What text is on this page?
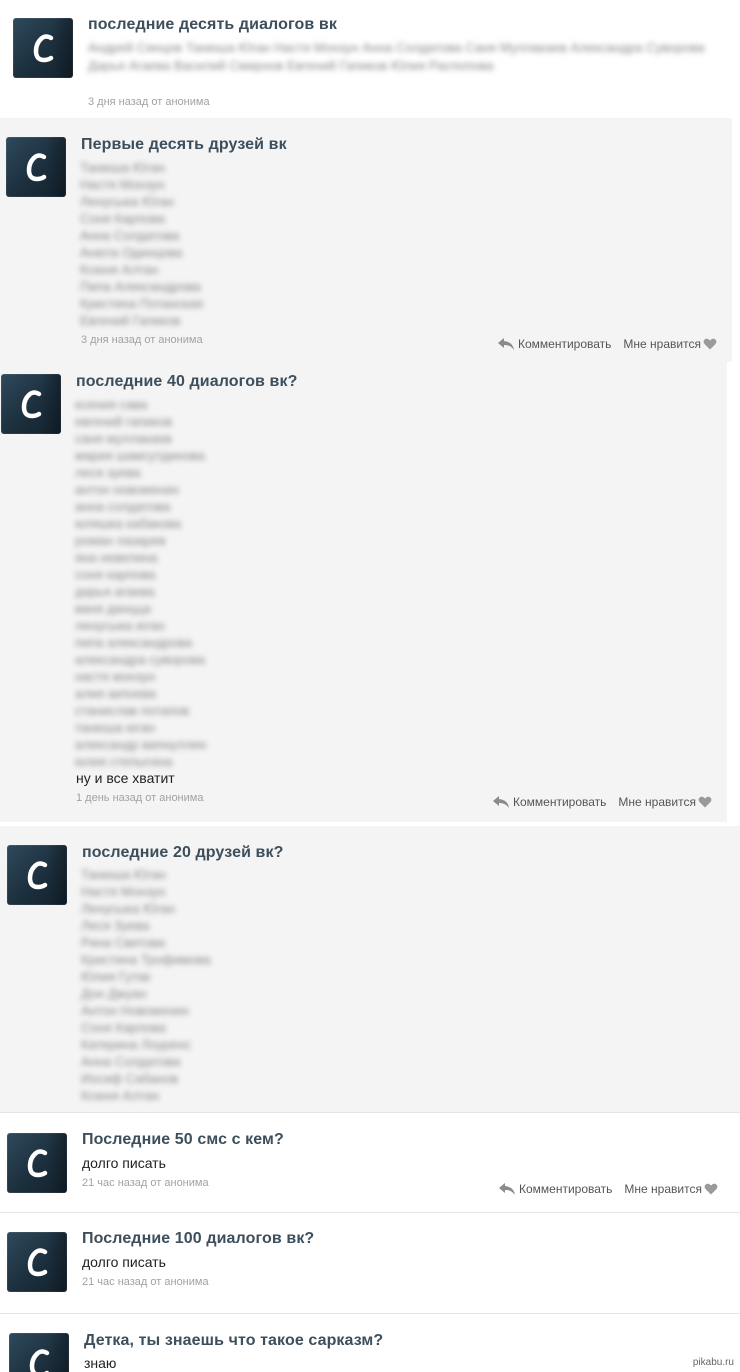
последние десять диалогов вк
Андрей Синцов Танюша Юган Настя Монзун Анна Солдатова Саня Муллакаев Александра Суворова Дарья Агаева Василий Смирнов Евгений Гапиков Юлия Распопова
3 дня назад от анонима
Первые десять друзей вк
Танюша Юган
Настя Монзун
Ленусыка Юган
Соня Карпова
Анна Солдатова
Анюта Одинцова
Ксюня Алтан
Пипа Александрова
Кристина Потанская
Евгений Гапиков
3 дня назад от анонима	Комментировать Мне нравится
последние 40 диалогов вк?
ксения сава
евгений гапиков
саня муллакаев
мария шамсутдинова
леся зуева
антон новоженин
анна солдатова
юляшка кабакова
роман лазарев
яна невелина
соня карпова
дарья агаева
ваня данцца
ленусыка юган
пипа александрова
александра суворова
настя монзун
алия акпоева
станислав потапов
танюша юган
александр вапнуллин
юлия степыгина
ну и все хватит
1 день назад от анонима	Комментировать Мне нравится
последние 20 друзей вк?
Танюша Юган
Настя Монзун
Ленусыка Юган
Леся Зуева
Рина Светова
Кристина Трофимова
Юлия Гутак
Дон Джуан
Антон Новоженин
Соня Карпова
Катерина Лоуренс
Анна Солдатова
Иосиф Сабанов
Ксюня Алтан
Последние 50 смс с кем?
долго писать
21 час назад от анонима	Комментировать Мне нравится
Последние 100 диалогов вк?
долго писать
21 час назад от анонима
Детка, ты знаешь что такое сарказм?
знаю	pikabu.ru
